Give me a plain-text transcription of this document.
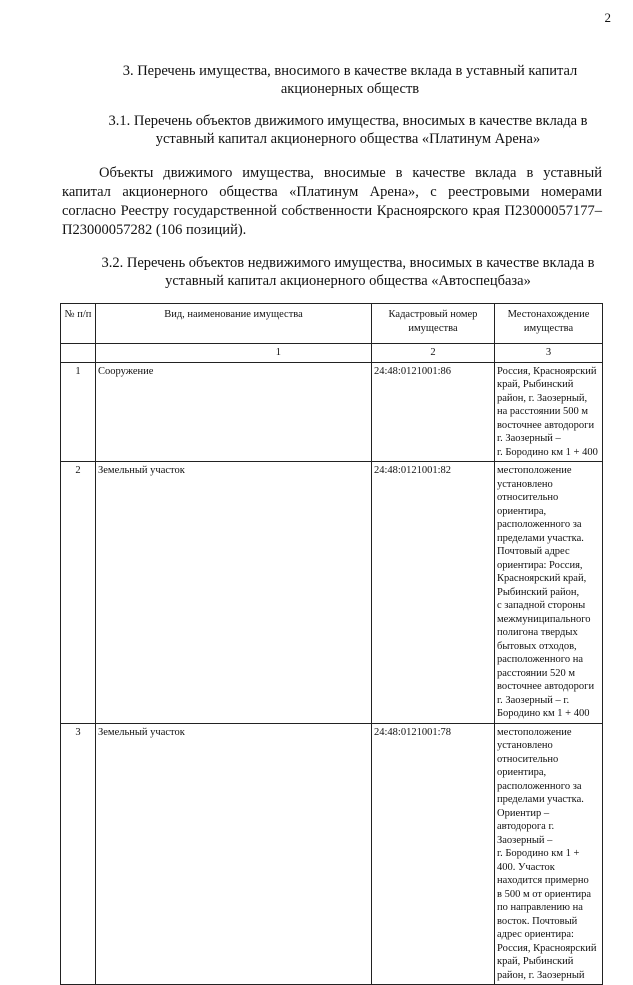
2
3. Перечень имущества, вносимого в качестве вклада в уставный капитал акционерных обществ
3.1. Перечень объектов движимого имущества, вносимых в качестве вклада в уставный капитал акционерного общества «Платинум Арена»
Объекты движимого имущества, вносимые в качестве вклада в уставный капитал акционерного общества «Платинум Арена», с реестровыми номерами согласно Реестру государственной собственности Красноярского края П23000057177–П23000057282 (106 позиций).
3.2. Перечень объектов недвижимого имущества, вносимых в качестве вклада в уставный капитал акционерного общества «Автоспецбаза»
№ п/п	Вид, наименование имущества	Кадастровый номер имущества	Местонахождение имущества
	1	2	3
1	Сооружение	24:48:0121001:86	Россия, Красноярский край, Рыбинский район, г. Заозерный,
на расстоянии 500 м восточнее автодороги г. Заозерный –
г. Бородино км 1 + 400
2	Земельный участок	24:48:0121001:82	местоположение установлено относительно ориентира, расположенного за пределами участка. Почтовый адрес ориентира: Россия, Красноярский край, Рыбинский район,
с западной стороны межмуниципального полигона твердых бытовых отходов, расположенного на расстоянии 520 м восточнее автодороги г. Заозерный – г. Бородино км 1 + 400
3	Земельный участок	24:48:0121001:78	местоположение установлено относительно ориентира, расположенного за пределами участка. Ориентир – автодорога г. Заозерный –
г. Бородино км 1 + 400. Участок находится примерно
в 500 м от ориентира по направлению на восток. Почтовый адрес ориентира: Россия, Красноярский край, Рыбинский район, г. Заозерный
